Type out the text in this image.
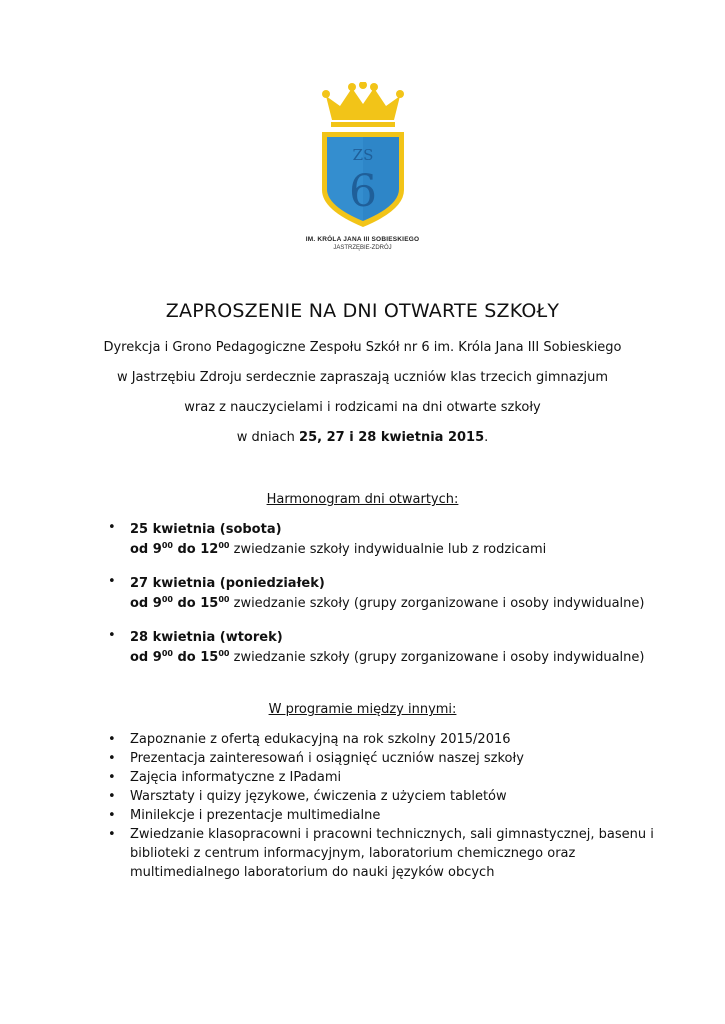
ZS
6
IM. KRÓLA JANA III SOBIESKIEGO
JASTRZĘBIE-ZDRÓJ
ZAPROSZENIE NA DNI OTWARTE SZKOŁY
Dyrekcja i Grono Pedagogiczne Zespołu Szkół nr 6 im. Króla Jana III Sobieskiego
w Jastrzębiu Zdroju serdecznie zapraszają uczniów klas trzecich gimnazjum
wraz z nauczycielami i rodzicami na dni otwarte szkoły
w dniach 25, 27 i 28 kwietnia 2015.
Harmonogram dni otwartych:
• 25 kwietnia (sobota)
od $9^{00}$ do $12^{00}$ zwiedzanie szkoły indywidualnie lub z rodzicami
• 27 kwietnia (poniedziałek)
od $9^{00}$ do $15^{00}$ zwiedzanie szkoły (grupy zorganizowane i osoby indywidualne)
• 28 kwietnia (wtorek)
od $9^{00}$ do $15^{00}$ zwiedzanie szkoły (grupy zorganizowane i osoby indywidualne)
W programie między innymi:
• Zapoznanie z ofertą edukacyjną na rok szkolny 2015/2016
• Prezentacja zainteresowań i osiągnięć uczniów naszej szkoły
• Zajęcia informatyczne z IPadami
• Warsztaty i quizy językowe, ćwiczenia z użyciem tabletów
• Minilekcje i prezentacje multimedialne
• Zwiedzanie klasopracowni i pracowni technicznych, sali gimnastycznej, basenu i biblioteki z centrum informacyjnym, laboratorium chemicznego oraz multimedialnego laboratorium do nauki języków obcych
